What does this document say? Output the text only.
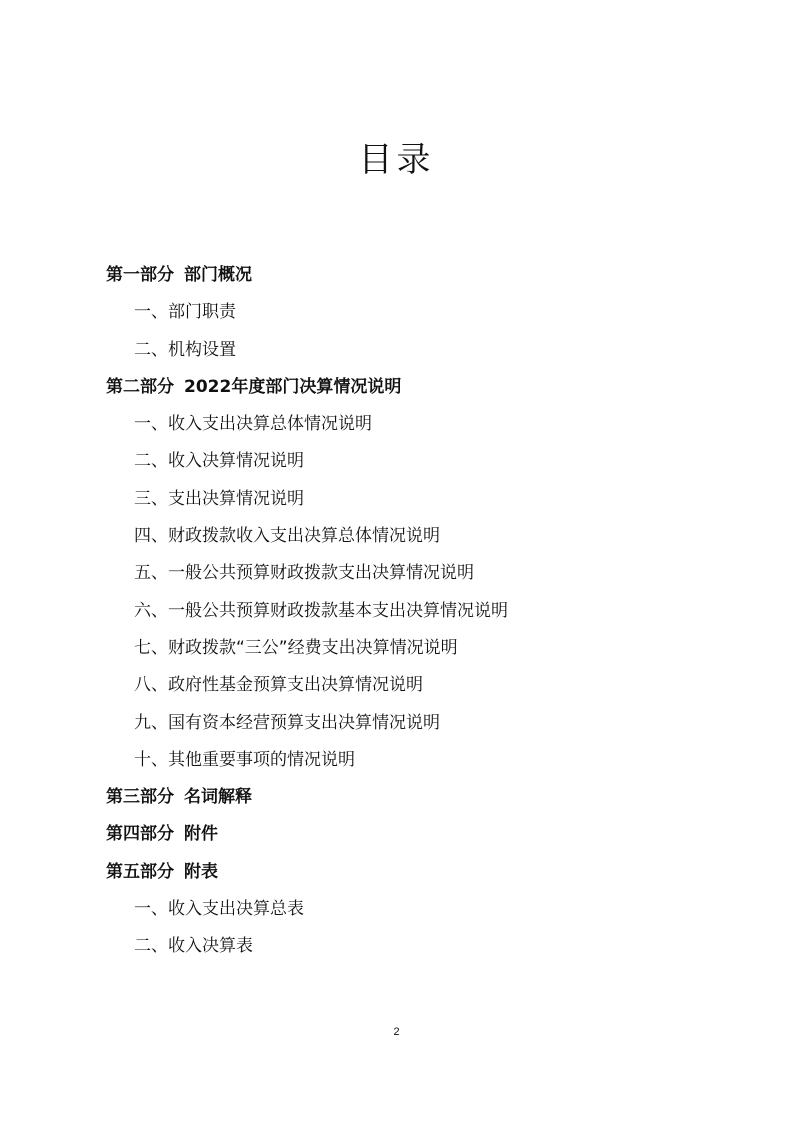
目录
第一部分 部门概况
一、部门职责
二、机构设置
第二部分 2022年度部门决算情况说明
一、收入支出决算总体情况说明
二、收入决算情况说明
三、支出决算情况说明
四、财政拨款收入支出决算总体情况说明
五、一般公共预算财政拨款支出决算情况说明
六、一般公共预算财政拨款基本支出决算情况说明
七、财政拨款“三公”经费支出决算情况说明
八、政府性基金预算支出决算情况说明
九、国有资本经营预算支出决算情况说明
十、其他重要事项的情况说明
第三部分 名词解释
第四部分 附件
第五部分 附表
一、收入支出决算总表
二、收入决算表
2
